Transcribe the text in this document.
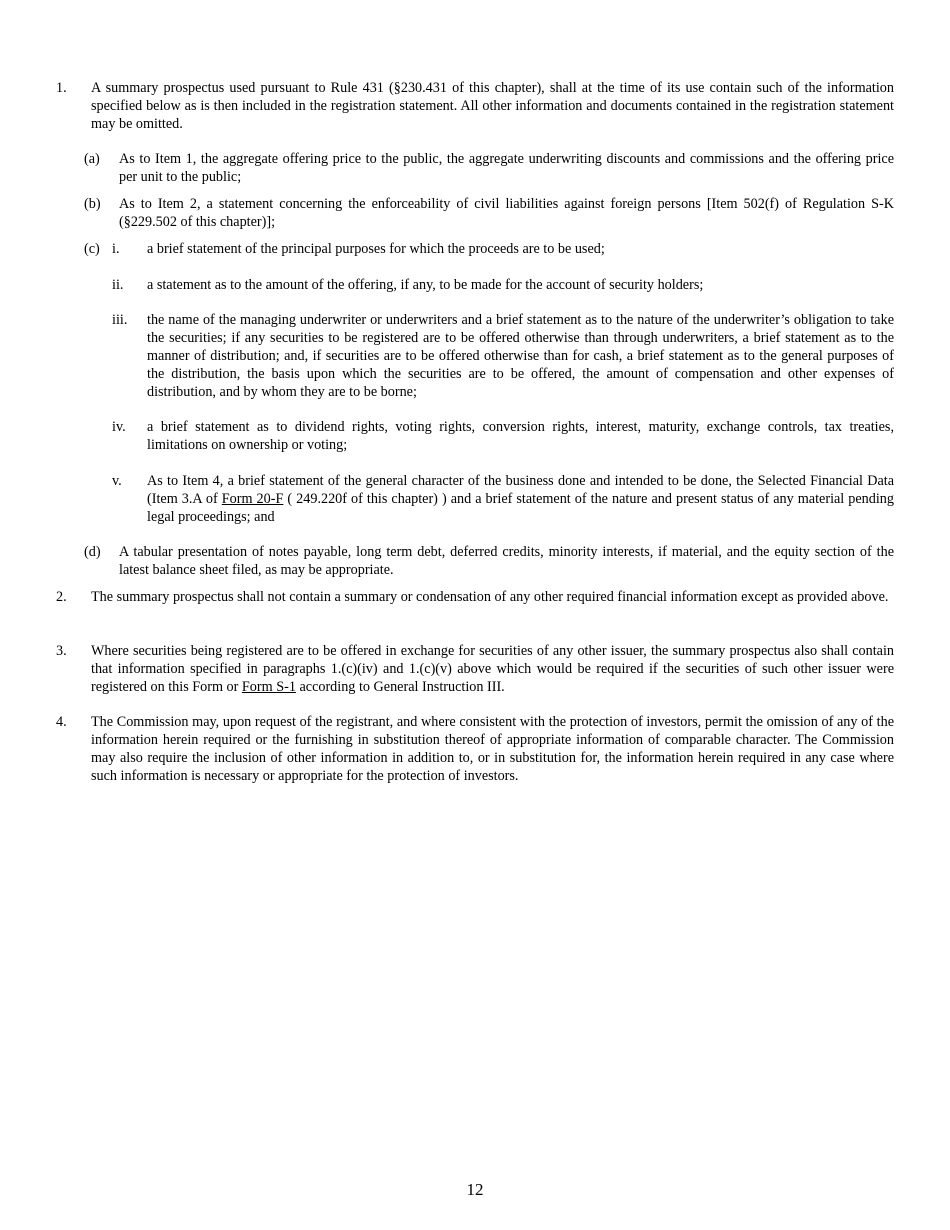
1. A summary prospectus used pursuant to Rule 431 (§230.431 of this chapter), shall at the time of its use contain such of the information specified below as is then included in the registration statement. All other information and documents contained in the registration statement may be omitted.
(a) As to Item 1, the aggregate offering price to the public, the aggregate underwriting discounts and commissions and the offering price per unit to the public;
(b) As to Item 2, a statement concerning the enforceability of civil liabilities against foreign persons [Item 502(f) of Regulation S-K (§229.502 of this chapter)];
(c) i. a brief statement of the principal purposes for which the proceeds are to be used;
ii. a statement as to the amount of the offering, if any, to be made for the account of security holders;
iii. the name of the managing underwriter or underwriters and a brief statement as to the nature of the underwriter’s obligation to take the securities; if any securities to be registered are to be offered otherwise than through underwriters, a brief statement as to the manner of distribution; and, if securities are to be offered otherwise than for cash, a brief statement as to the general purposes of the distribution, the basis upon which the securities are to be offered, the amount of compensation and other expenses of distribution, and by whom they are to be borne;
iv. a brief statement as to dividend rights, voting rights, conversion rights, interest, maturity, exchange controls, tax treaties, limitations on ownership or voting;
v. As to Item 4, a brief statement of the general character of the business done and intended to be done, the Selected Financial Data (Item 3.A of Form 20-F ( 249.220f of this chapter) ) and a brief statement of the nature and present status of any material pending legal proceedings; and
(d) A tabular presentation of notes payable, long term debt, deferred credits, minority interests, if material, and the equity section of the latest balance sheet filed, as may be appropriate.
2. The summary prospectus shall not contain a summary or condensation of any other required financial information except as provided above.
3. Where securities being registered are to be offered in exchange for securities of any other issuer, the summary prospectus also shall contain that information specified in paragraphs 1.(c)(iv) and 1.(c)(v) above which would be required if the securities of such other issuer were registered on this Form or Form S-1 according to General Instruction III.
4. The Commission may, upon request of the registrant, and where consistent with the protection of investors, permit the omission of any of the information herein required or the furnishing in substitution thereof of appropriate information of comparable character. The Commission may also require the inclusion of other information in addition to, or in substitution for, the information herein required in any case where such information is necessary or appropriate for the protection of investors.
12
